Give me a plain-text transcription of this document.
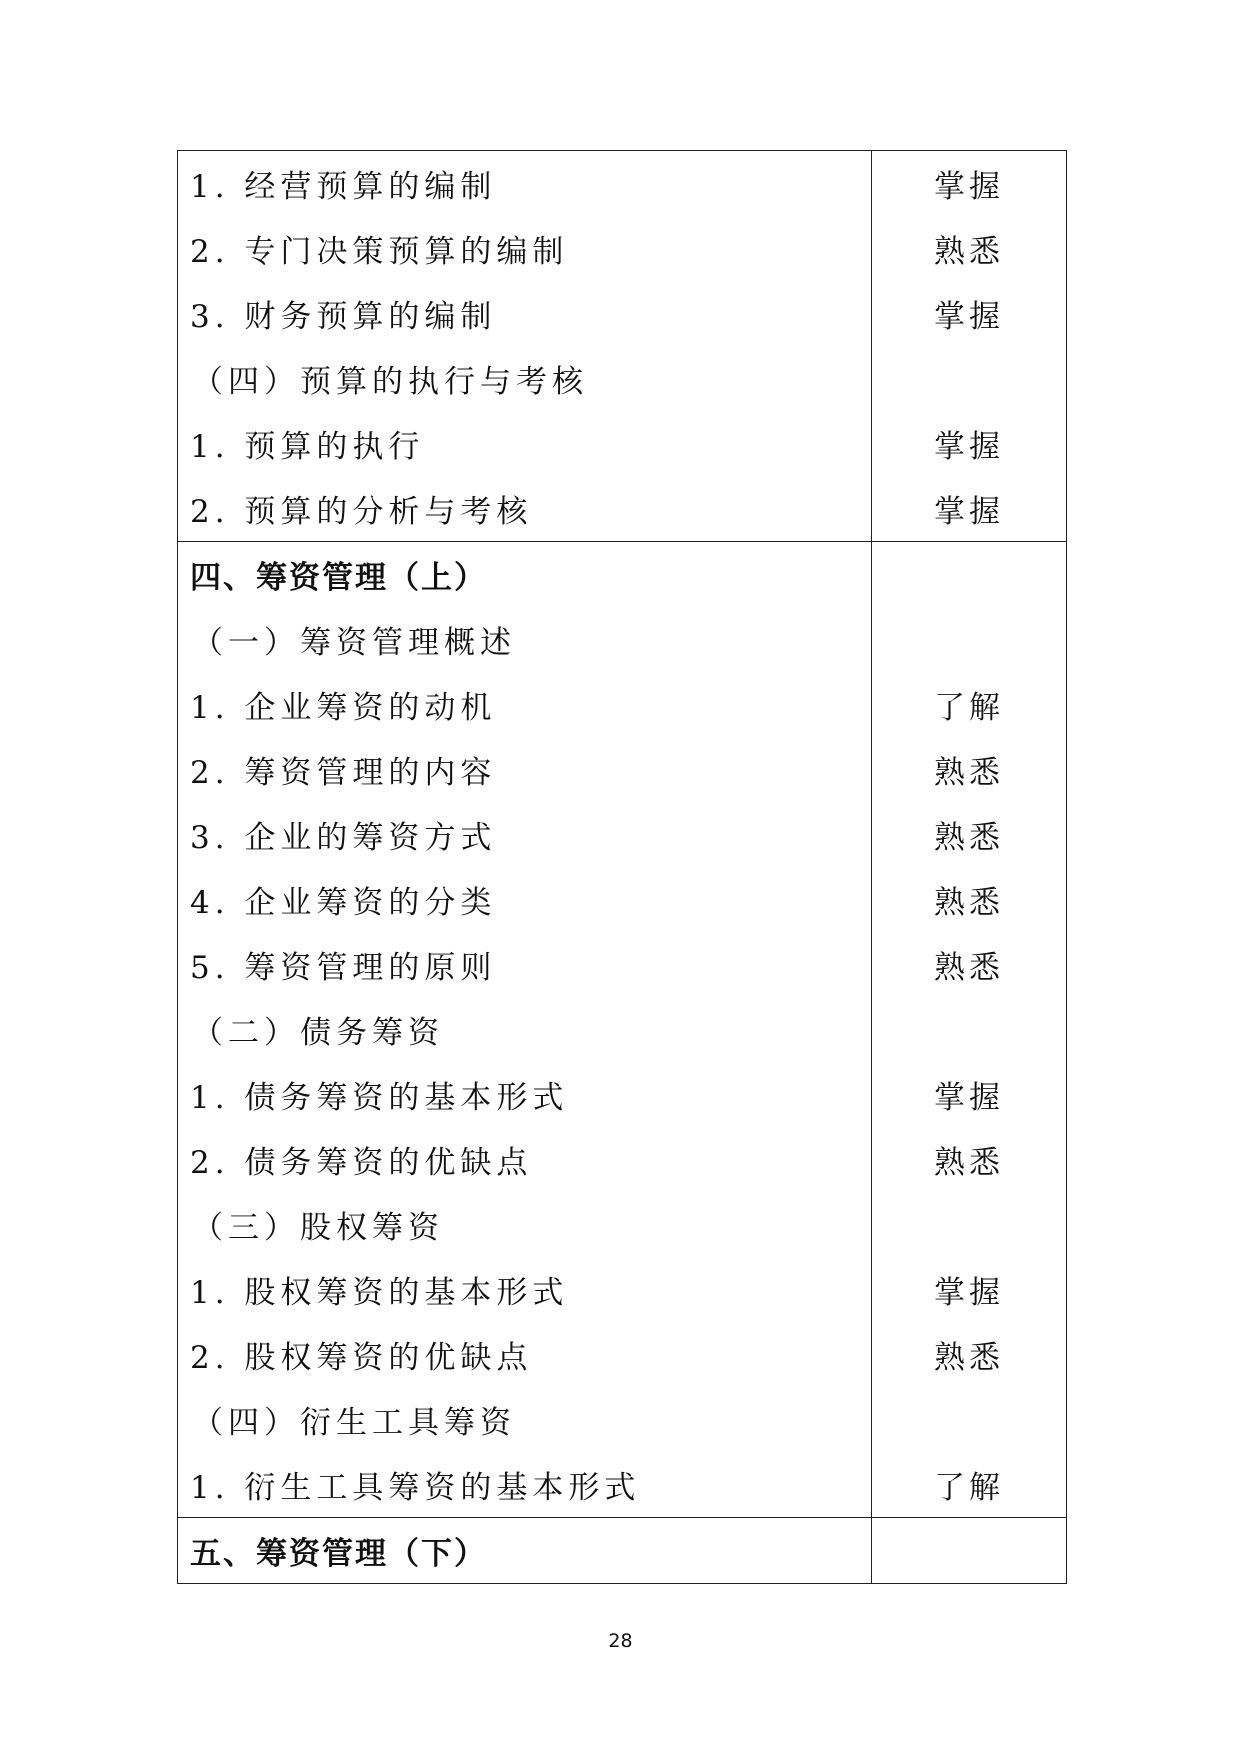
1. 经营预算的编制
2. 专门决策预算的编制
3. 财务预算的编制
（四）预算的执行与考核
1. 预算的执行
2. 预算的分析与考核
掌握
熟悉
掌握
掌握
掌握
四、筹资管理（上）
（一）筹资管理概述
1. 企业筹资的动机
2. 筹资管理的内容
3. 企业的筹资方式
4. 企业筹资的分类
5. 筹资管理的原则
（二）债务筹资
1. 债务筹资的基本形式
2. 债务筹资的优缺点
（三）股权筹资
1. 股权筹资的基本形式
2. 股权筹资的优缺点
（四）衍生工具筹资
1. 衍生工具筹资的基本形式
了解
熟悉
熟悉
熟悉
熟悉
掌握
熟悉
掌握
熟悉
了解
五、筹资管理（下）
28
